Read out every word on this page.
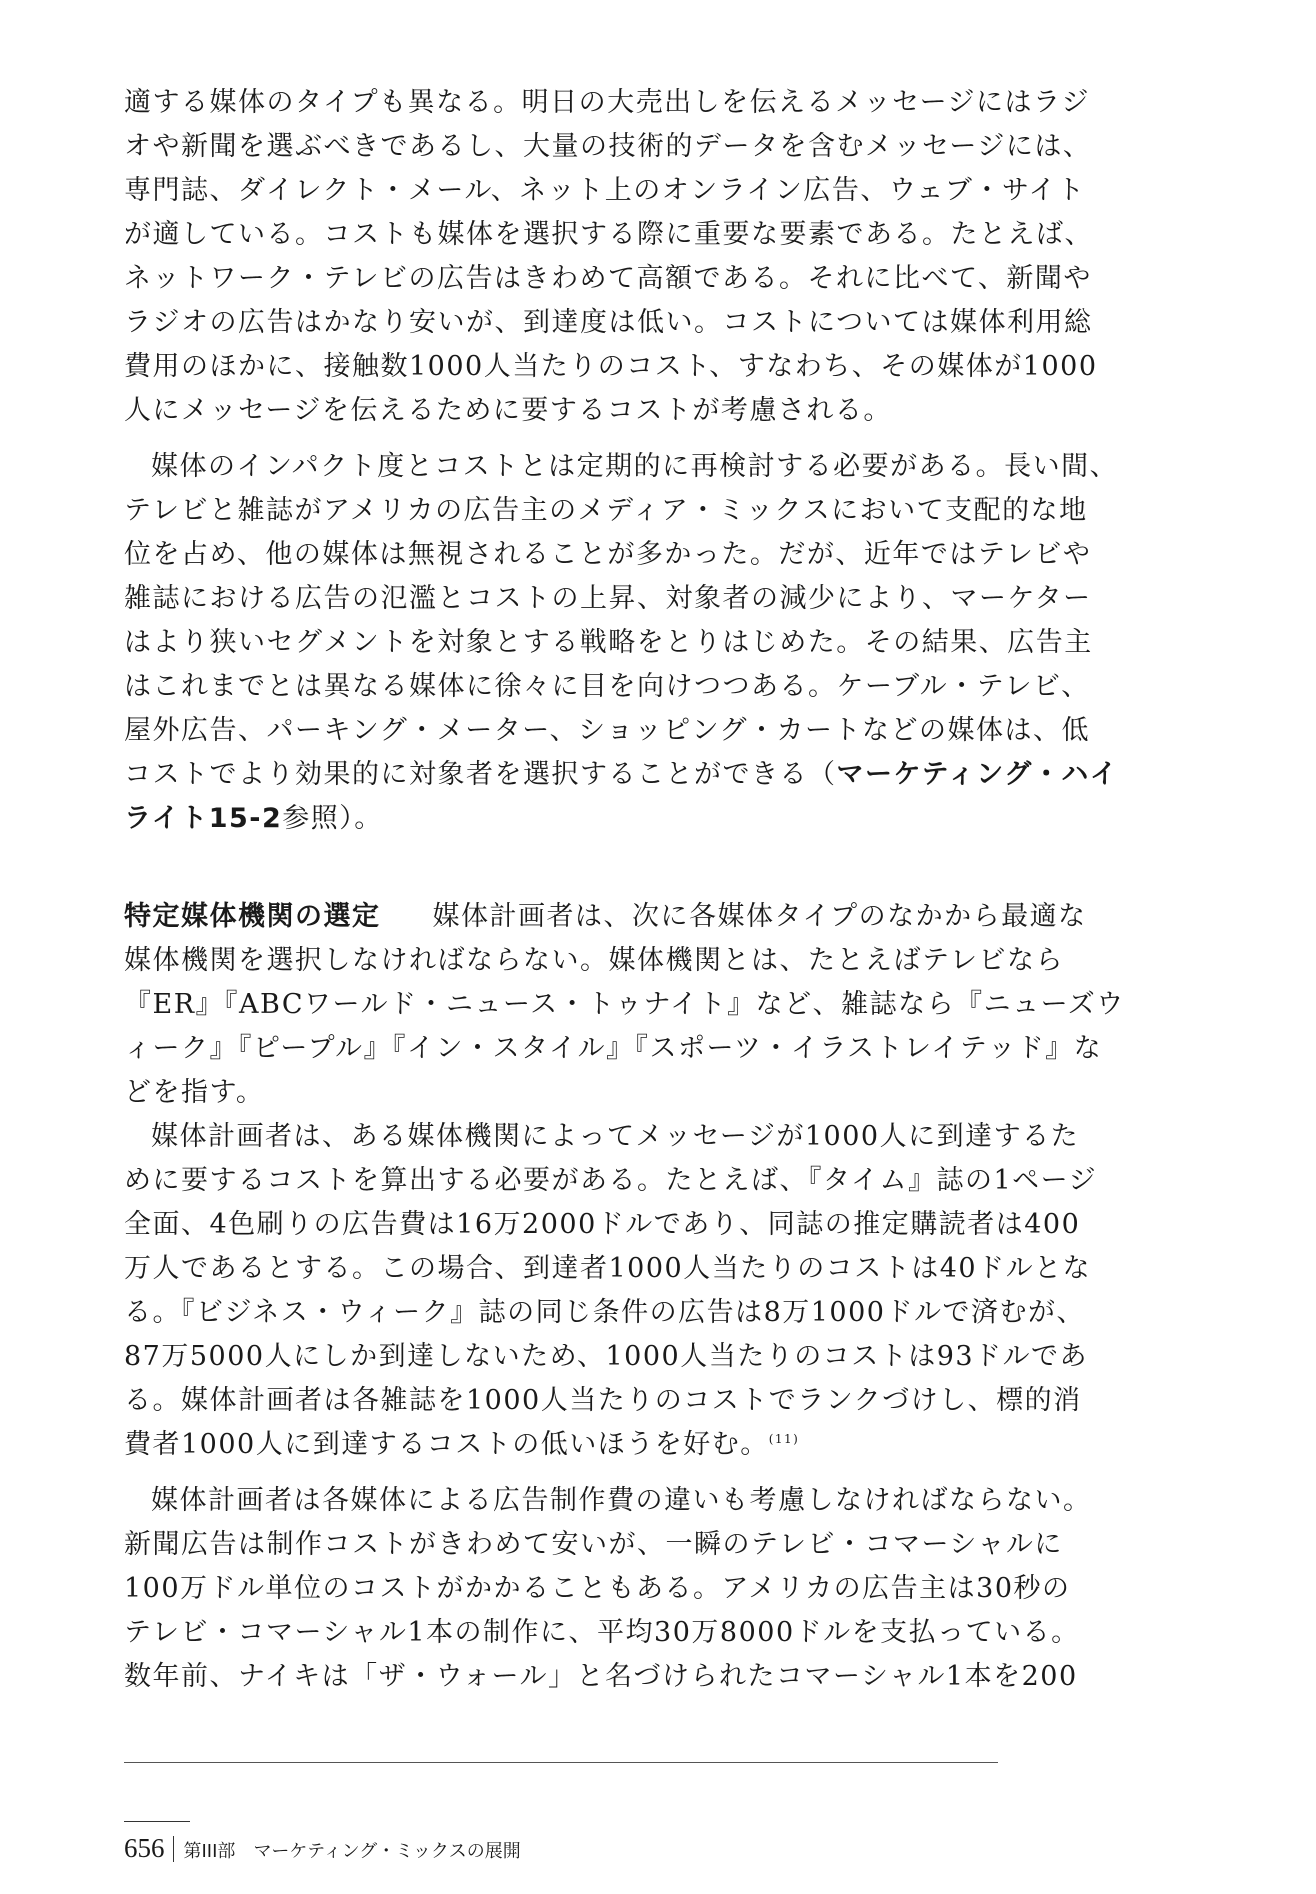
適する媒体のタイプも異なる。明日の大売出しを伝えるメッセージにはラジ
オや新聞を選ぶべきであるし、大量の技術的データを含むメッセージには、
専門誌、ダイレクト・メール、ネット上のオンライン広告、ウェブ・サイト
が適している。コストも媒体を選択する際に重要な要素である。たとえば、
ネットワーク・テレビの広告はきわめて高額である。それに比べて、新聞や
ラジオの広告はかなり安いが、到達度は低い。コストについては媒体利用総
費用のほかに、接触数1000人当たりのコスト、すなわち、その媒体が1000
人にメッセージを伝えるために要するコストが考慮される。
媒体のインパクト度とコストとは定期的に再検討する必要がある。長い間、
テレビと雑誌がアメリカの広告主のメディア・ミックスにおいて支配的な地
位を占め、他の媒体は無視されることが多かった。だが、近年ではテレビや
雑誌における広告の氾濫とコストの上昇、対象者の減少により、マーケター
はより狭いセグメントを対象とする戦略をとりはじめた。その結果、広告主
はこれまでとは異なる媒体に徐々に目を向けつつある。ケーブル・テレビ、
屋外広告、パーキング・メーター、ショッピング・カートなどの媒体は、低
コストでより効果的に対象者を選択することができる（マーケティング・ハイ
ライト15-2参照）。
特定媒体機関の選定 媒体計画者は、次に各媒体タイプのなかから最適な
媒体機関を選択しなければならない。媒体機関とは、たとえばテレビなら
『ER』『ABCワールド・ニュース・トゥナイト』など、雑誌なら『ニューズウ
ィーク』『ピープル』『イン・スタイル』『スポーツ・イラストレイテッド』な
どを指す。
媒体計画者は、ある媒体機関によってメッセージが1000人に到達するた
めに要するコストを算出する必要がある。たとえば、『タイム』誌の1ページ
全面、4色刷りの広告費は16万2000ドルであり、同誌の推定購読者は400
万人であるとする。この場合、到達者1000人当たりのコストは40ドルとな
る。『ビジネス・ウィーク』誌の同じ条件の広告は8万1000ドルで済むが、
87万5000人にしか到達しないため、1000人当たりのコストは93ドルであ
る。媒体計画者は各雑誌を1000人当たりのコストでランクづけし、標的消
費者1000人に到達するコストの低いほうを好む。$^{(11)}$
媒体計画者は各媒体による広告制作費の違いも考慮しなければならない。
新聞広告は制作コストがきわめて安いが、一瞬のテレビ・コマーシャルに
100万ドル単位のコストがかかることもある。アメリカの広告主は30秒の
テレビ・コマーシャル1本の制作に、平均30万8000ドルを支払っている。
数年前、ナイキは「ザ・ウォール」と名づけられたコマーシャル1本を200
656 第III部 マーケティング・ミックスの展開
